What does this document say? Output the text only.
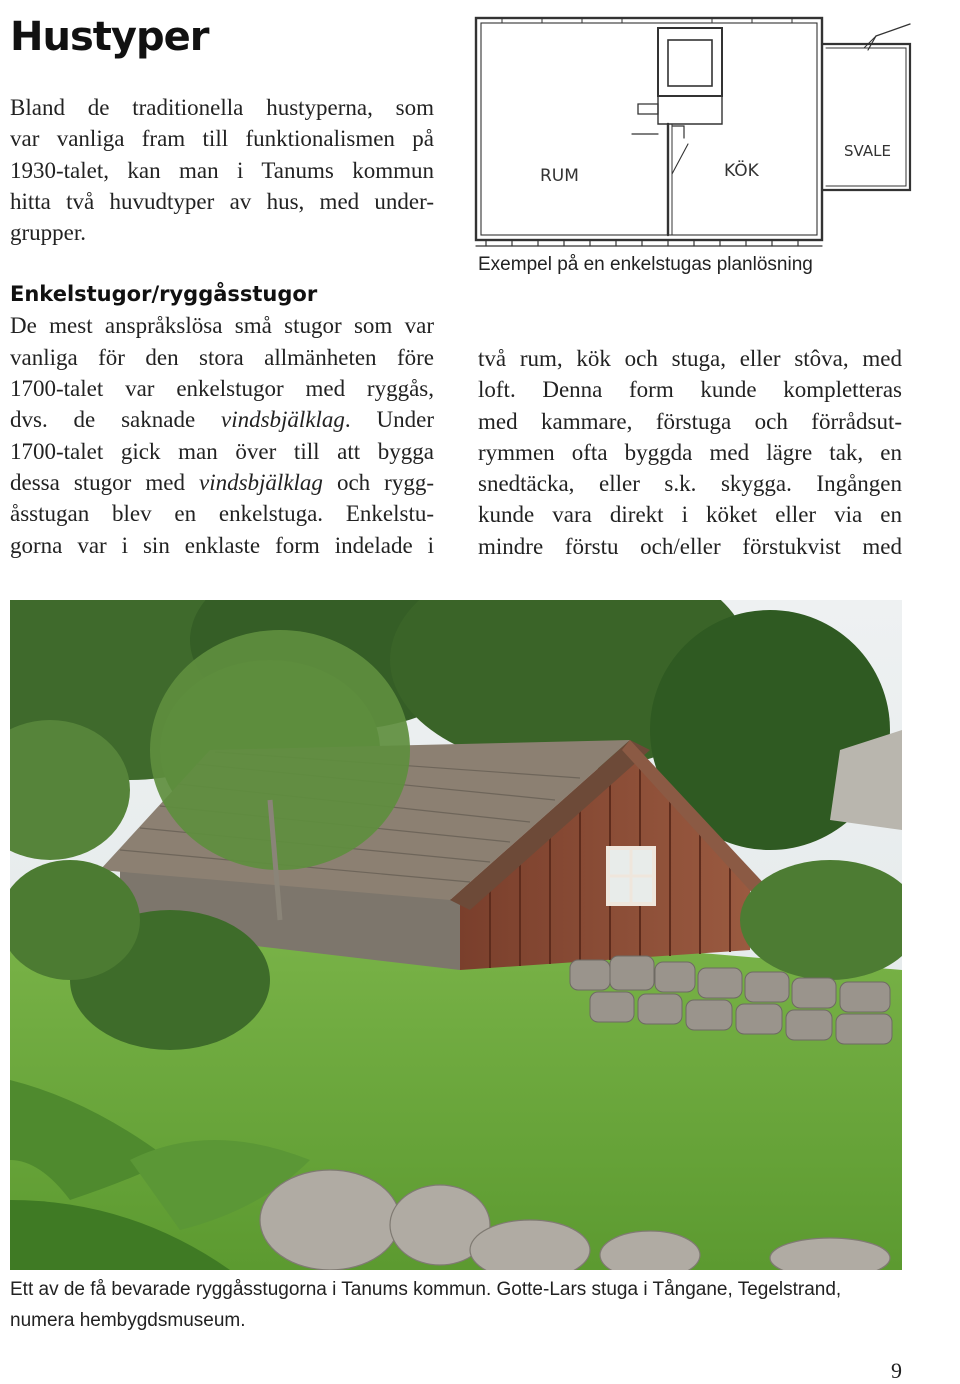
Hustyper

Bland de traditionella hustyperna, som

var vanliga fram till funktionalismen på

1930-talet, kan man i Tanums kommun

hitta två huvudtyper av hus, med under-

grupper.

Enkelstugor/ryggåsstugor

De mest anspråkslösa små stugor som var

vanliga för den stora allmänheten före

1700-talet var enkelstugor med ryggås,

dvs. de saknade vindsbjälklag. Under

1700-talet gick man över till att bygga

dessa stugor med vindsbjälklag och rygg-

åsstugan blev en enkelstuga. Enkelstu-

gorna var i sin enklaste form indelade i

RUM	KÖK
SVALE
Exempel på en enkelstugas planlösning

två rum, kök och stuga, eller stôva, med

loft. Denna form kunde kompletteras

med kammare, förstuga och förrådsut-

rymmen ofta byggda med lägre tak, en

snedtäcka, eller s.k. skygga. Ingången

kunde vara direkt i köket eller via en

mindre förstu och/eller förstukvist med

Ett av de få bevarade ryggåsstugorna i Tanums kommun. Gotte-Lars stuga i Tångane, Tegelstrand, numera hembygdsmuseum.
9
